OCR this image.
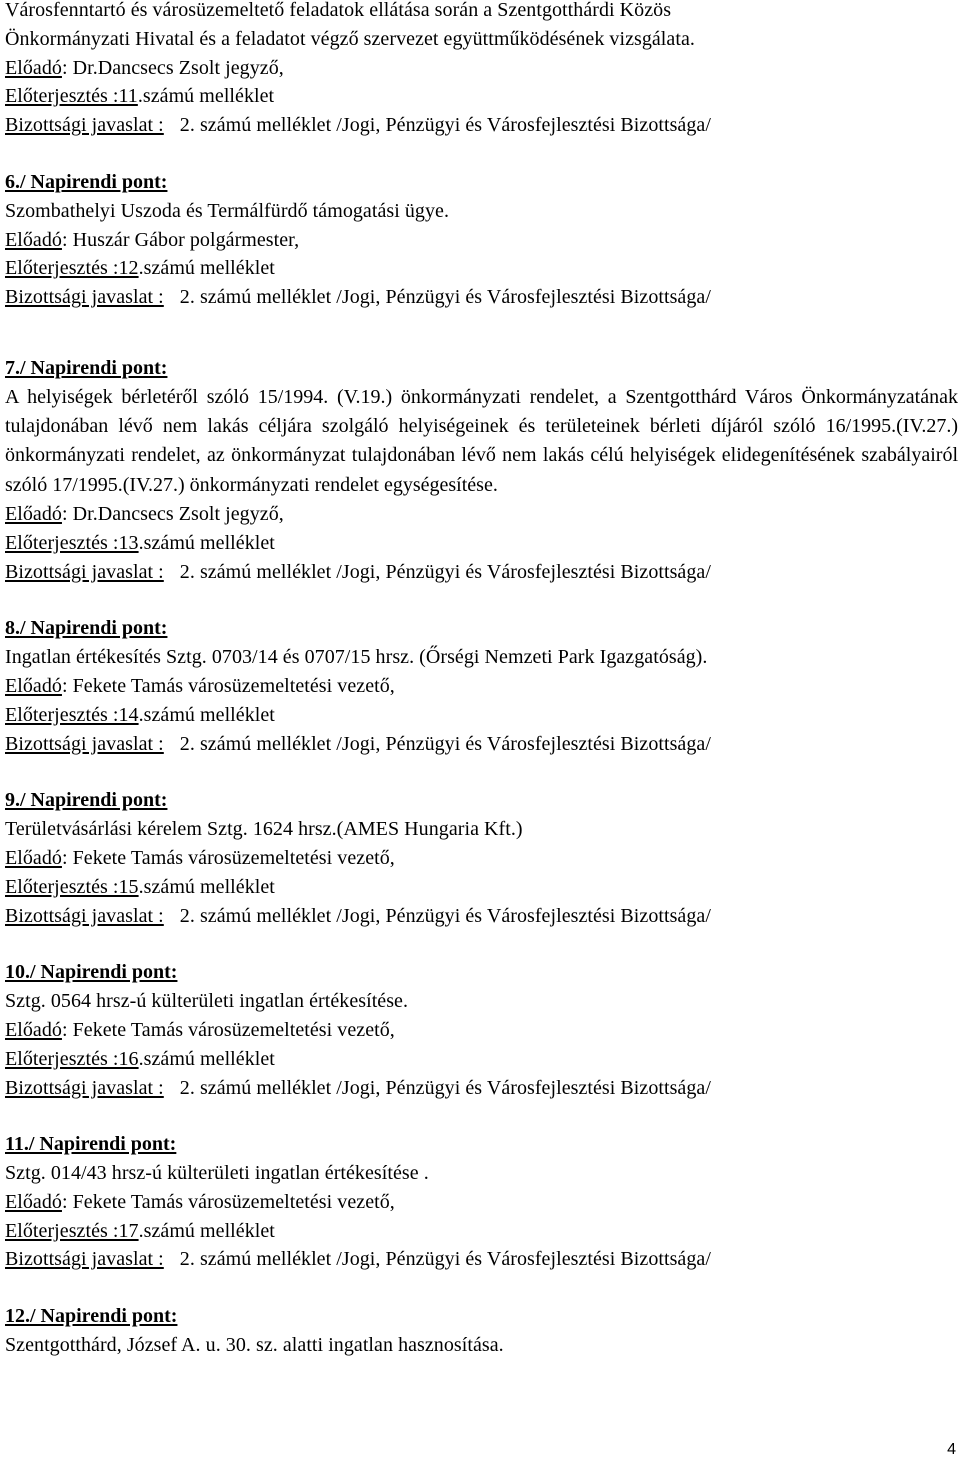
Városfenntartó és városüzemeltető feladatok ellátása során a Szentgotthárdi Közös
Önkormányzati Hivatal és a feladatot végző szervezet együttműködésének vizsgálata.
Előadó: Dr.Dancsecs Zsolt jegyző,
Előterjesztés :11.számú melléklet
Bizottsági javaslat : 2. számú melléklet /Jogi, Pénzügyi és Városfejlesztési Bizottsága/
6./ Napirendi pont:
Szombathelyi Uszoda és Termálfürdő támogatási ügye.
Előadó: Huszár Gábor polgármester,
Előterjesztés :12.számú melléklet
Bizottsági javaslat : 2. számú melléklet /Jogi, Pénzügyi és Városfejlesztési Bizottsága/
7./ Napirendi pont:
A helyiségek bérletéről szóló 15/1994. (V.19.) önkormányzati rendelet, a Szentgotthárd Város Önkormányzatának tulajdonában lévő nem lakás céljára szolgáló helyiségeinek és területeinek bérleti díjáról szóló 16/1995.(IV.27.) önkormányzati rendelet, az önkormányzat tulajdonában lévő nem lakás célú helyiségek elidegenítésének szabályairól szóló 17/1995.(IV.27.) önkormányzati rendelet egységesítése.
Előadó: Dr.Dancsecs Zsolt jegyző,
Előterjesztés :13.számú melléklet
Bizottsági javaslat : 2. számú melléklet /Jogi, Pénzügyi és Városfejlesztési Bizottsága/
8./ Napirendi pont:
Ingatlan értékesítés Sztg. 0703/14 és 0707/15 hrsz. (Őrségi Nemzeti Park Igazgatóság).
Előadó: Fekete Tamás városüzemeltetési vezető,
Előterjesztés :14.számú melléklet
Bizottsági javaslat : 2. számú melléklet /Jogi, Pénzügyi és Városfejlesztési Bizottsága/
9./ Napirendi pont:
Területvásárlási kérelem Sztg. 1624 hrsz.(AMES Hungaria Kft.)
Előadó: Fekete Tamás városüzemeltetési vezető,
Előterjesztés :15.számú melléklet
Bizottsági javaslat : 2. számú melléklet /Jogi, Pénzügyi és Városfejlesztési Bizottsága/
10./ Napirendi pont:
Sztg. 0564 hrsz-ú külterületi ingatlan értékesítése.
Előadó: Fekete Tamás városüzemeltetési vezető,
Előterjesztés :16.számú melléklet
Bizottsági javaslat : 2. számú melléklet /Jogi, Pénzügyi és Városfejlesztési Bizottsága/
11./ Napirendi pont:
Sztg. 014/43 hrsz-ú külterületi ingatlan értékesítése .
Előadó: Fekete Tamás városüzemeltetési vezető,
Előterjesztés :17.számú melléklet
Bizottsági javaslat : 2. számú melléklet /Jogi, Pénzügyi és Városfejlesztési Bizottsága/
12./ Napirendi pont:
Szentgotthárd, József A. u. 30. sz. alatti ingatlan hasznosítása.
4
